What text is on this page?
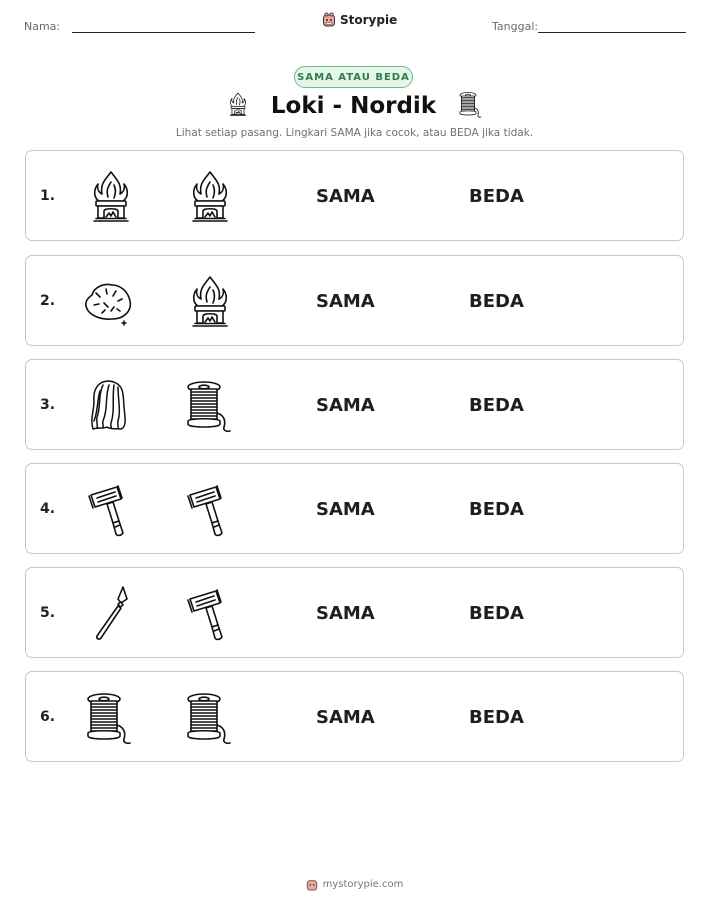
Nama:	Storypie	Tanggal:
SAMA ATAU BEDA
Loki - Nordik
Lihat setiap pasang. Lingkari SAMA jika cocok, atau BEDA jika tidak.
1.	SAMA	BEDA
2.	SAMA	BEDA
3.	SAMA	BEDA
4.	SAMA	BEDA
5.	SAMA	BEDA
6.	SAMA	BEDA
mystorypie.com
